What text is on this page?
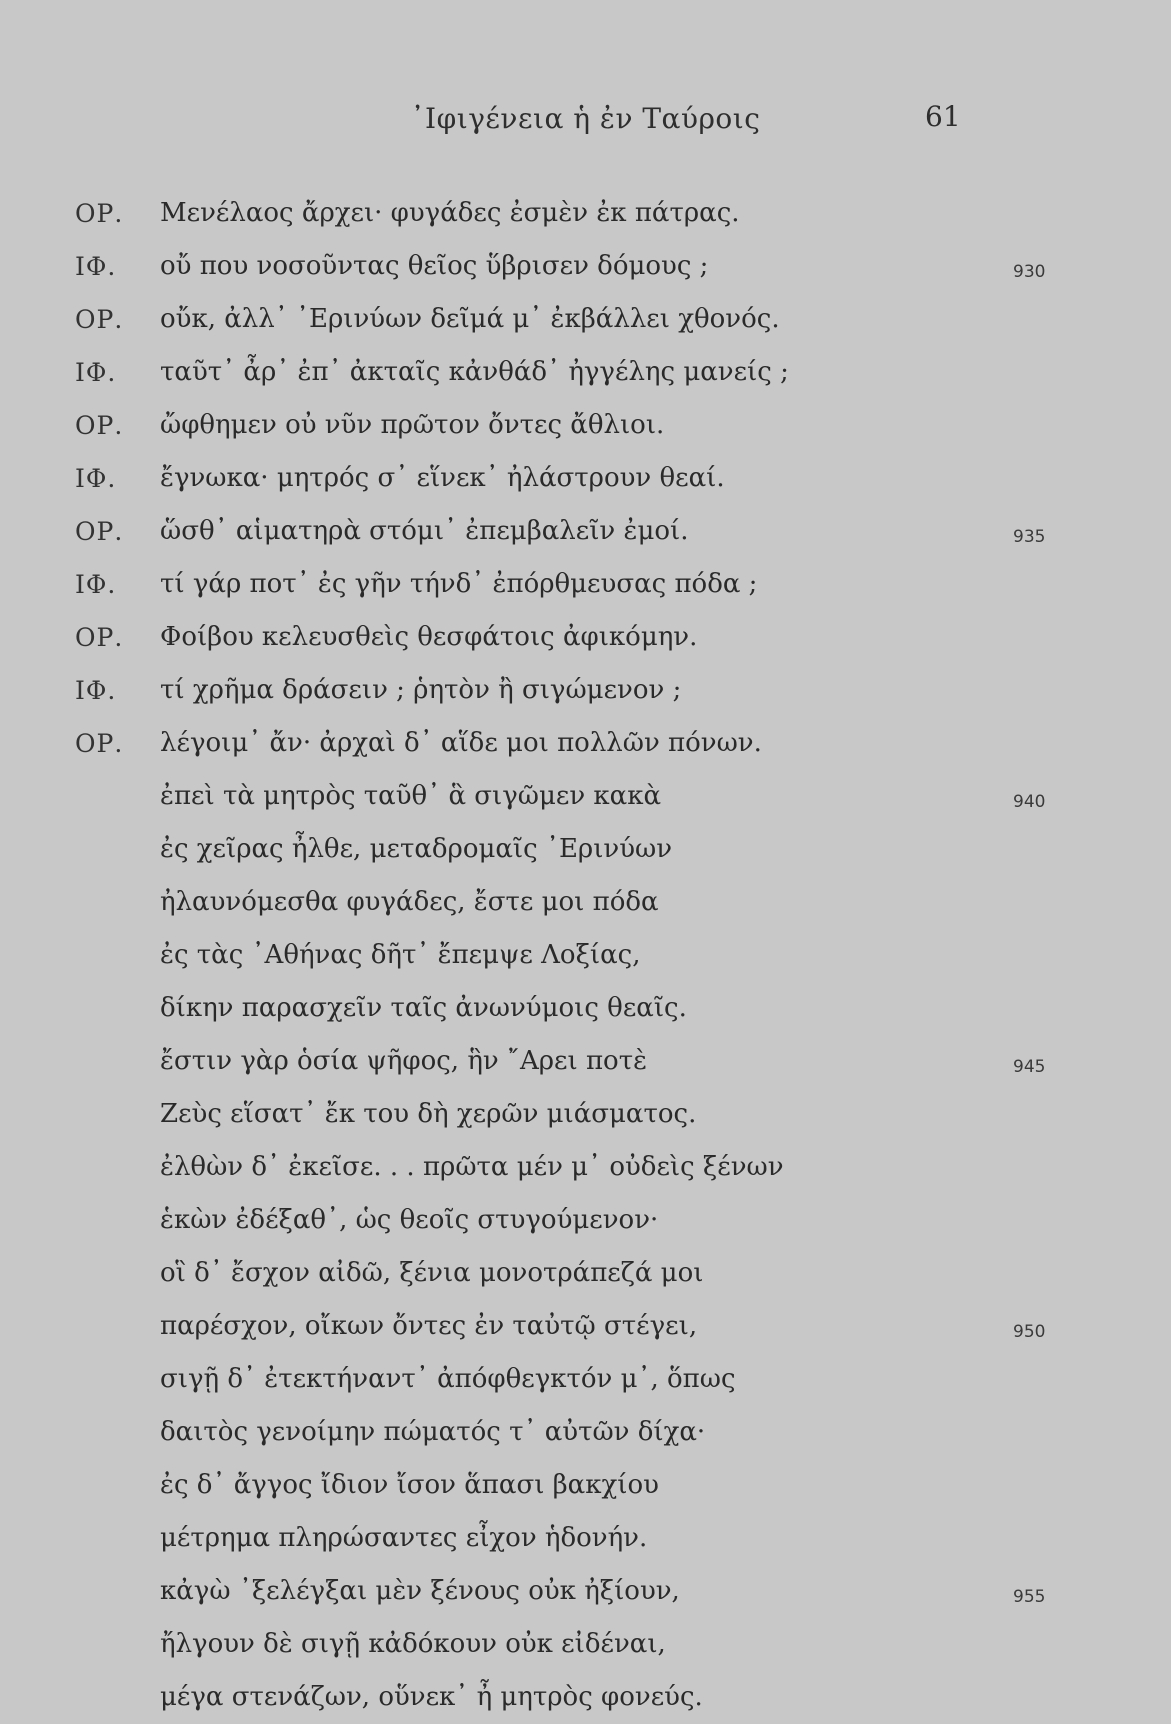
᾽Ιφιγένεια ἡ ἐν Ταύροις	61
ΟΡ. Μενέλαος ἄρχει· φυγάδες ἐσμὲν ἐκ πάτρας.
ΙΦ. οὔ που νοσοῦντας θεῖος ὕβρισεν δόμους ;	930
ΟΡ. οὔκ, ἀλλ᾽ ᾽Ερινύων δεῖμά μ᾽ ἐκβάλλει χθονός.
ΙΦ. ταῦτ᾽ ἆρ᾽ ἐπ᾽ ἀκταῖς κἀνθάδ᾽ ἠγγέλης μανείς ;
ΟΡ. ὤφθημεν οὐ νῦν πρῶτον ὄντες ἄθλιοι.
ΙΦ. ἔγνωκα· μητρός σ᾽ εἵνεκ᾽ ἠλάστρουν θεαί.
ΟΡ. ὥσθ᾽ αἱματηρὰ στόμι᾽ ἐπεμβαλεῖν ἐμοί.	935
ΙΦ. τί γάρ ποτ᾽ ἐς γῆν τήνδ᾽ ἐπόρθμευσας πόδα ;
ΟΡ. Φοίβου κελευσθεὶς θεσφάτοις ἀφικόμην.
ΙΦ. τί χρῆμα δράσειν ; ῥητὸν ἢ σιγώμενον ;
ΟΡ. λέγοιμ᾽ ἄν· ἀρχαὶ δ᾽ αἵδε μοι πολλῶν πόνων.
ἐπεὶ τὰ μητρὸς ταῦθ᾽ ἃ σιγῶμεν κακὰ	940
ἐς χεῖρας ἦλθε, μεταδρομαῖς ᾽Ερινύων
ἠλαυνόμεσθα φυγάδες, ἔστε μοι πόδα
ἐς τὰς ᾽Αθήνας δῆτ᾽ ἔπεμψε Λοξίας,
δίκην παρασχεῖν ταῖς ἀνωνύμοις θεαῖς.
ἔστιν γὰρ ὁσία ψῆφος, ἣν ῎Αρει ποτὲ	945
Ζεὺς εἵσατ᾽ ἔκ του δὴ χερῶν μιάσματος.
ἐλθὼν δ᾽ ἐκεῖσε. . . πρῶτα μέν μ᾽ οὐδεὶς ξένων
ἑκὼν ἐδέξαθ᾽, ὡς θεοῖς στυγούμενον·
οἳ δ᾽ ἔσχον αἰδῶ, ξένια μονοτράπεζά μοι
παρέσχον, οἴκων ὄντες ἐν ταὐτῷ στέγει,	950
σιγῇ δ᾽ ἐτεκτήναντ᾽ ἀπόφθεγκτόν μ᾽, ὅπως
δαιτὸς γενοίμην πώματός τ᾽ αὐτῶν δίχα·
ἐς δ᾽ ἄγγος ἴδιον ἴσον ἅπασι βακχίου
μέτρημα πληρώσαντες εἶχον ἡδονήν.
κἀγὼ ᾽ξελέγξαι μὲν ξένους οὐκ ἠξίουν,	955
ἤλγουν δὲ σιγῇ κἀδόκουν οὐκ εἰδέναι,
μέγα στενάζων, οὕνεκ᾽ ἦ μητρὸς φονεύς.
